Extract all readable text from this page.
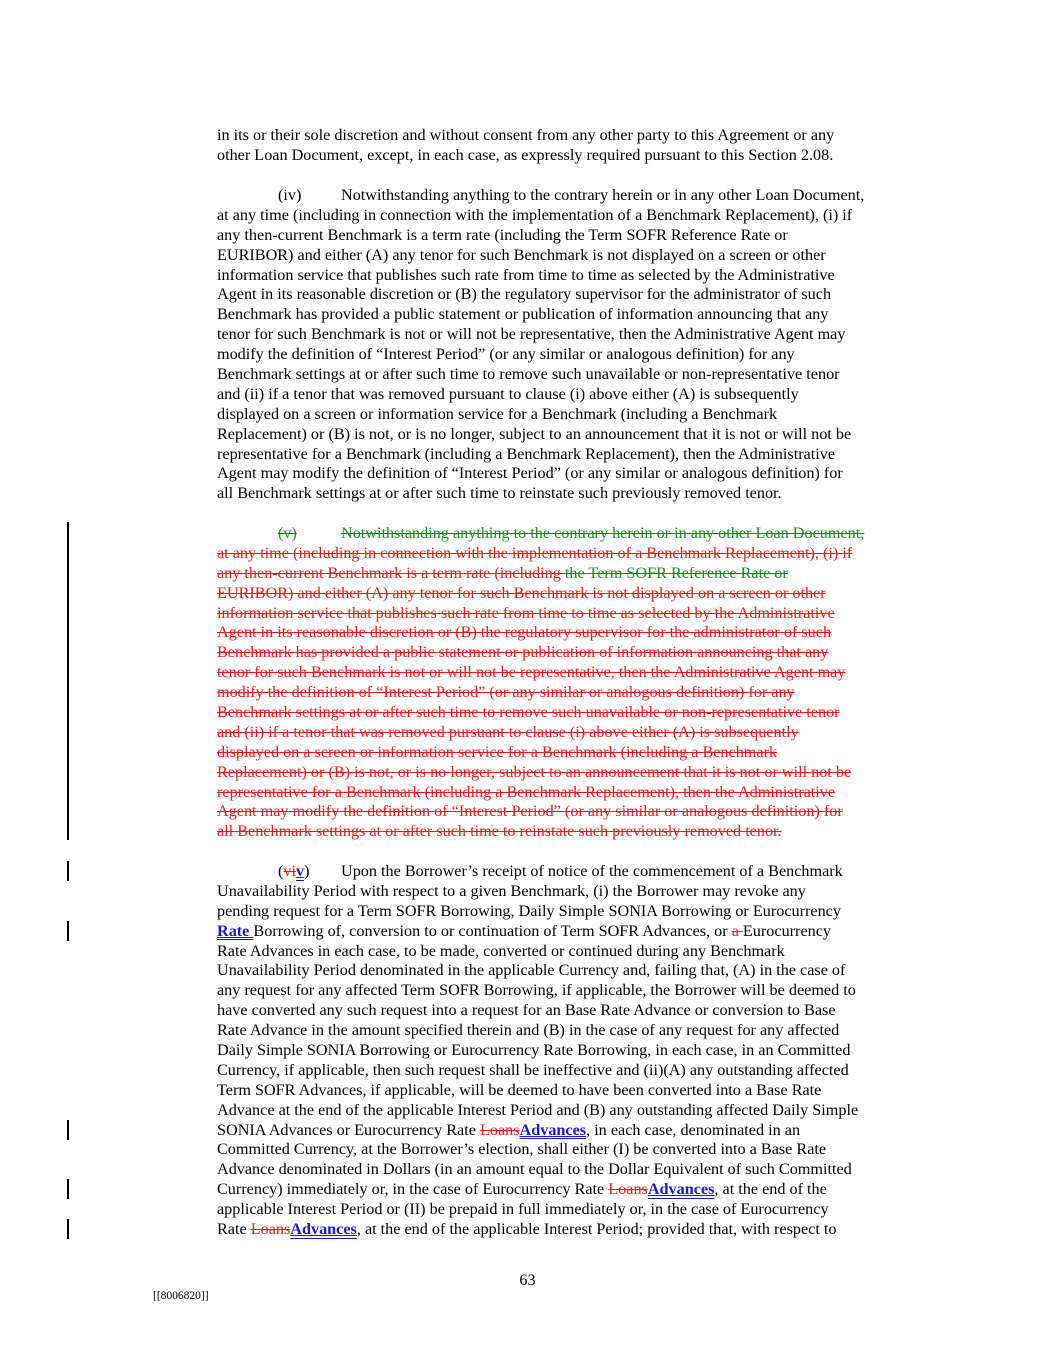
in its or their sole discretion and without consent from any other party to this Agreement or any
other Loan Document, except, in each case, as expressly required pursuant to this Section 2.08.
(iv) Notwithstanding anything to the contrary herein or in any other Loan Document,
at any time (including in connection with the implementation of a Benchmark Replacement), (i) if
any then-current Benchmark is a term rate (including the Term SOFR Reference Rate or
EURIBOR) and either (A) any tenor for such Benchmark is not displayed on a screen or other
information service that publishes such rate from time to time as selected by the Administrative
Agent in its reasonable discretion or (B) the regulatory supervisor for the administrator of such
Benchmark has provided a public statement or publication of information announcing that any
tenor for such Benchmark is not or will not be representative, then the Administrative Agent may
modify the definition of “Interest Period” (or any similar or analogous definition) for any
Benchmark settings at or after such time to remove such unavailable or non-representative tenor
and (ii) if a tenor that was removed pursuant to clause (i) above either (A) is subsequently
displayed on a screen or information service for a Benchmark (including a Benchmark
Replacement) or (B) is not, or is no longer, subject to an announcement that it is not or will not be
representative for a Benchmark (including a Benchmark Replacement), then the Administrative
Agent may modify the definition of “Interest Period” (or any similar or analogous definition) for
all Benchmark settings at or after such time to reinstate such previously removed tenor.
(v)	Notwithstanding anything to the contrary herein or in any other Loan Document,
at any time (including in connection with the implementation of a Benchmark Replacement), (i) if
any then-current Benchmark is a term rate (including the Term SOFR Reference Rate or
EURIBOR) and either (A) any tenor for such Benchmark is not displayed on a screen or other
information service that publishes such rate from time to time as selected by the Administrative
Agent in its reasonable discretion or (B) the regulatory supervisor for the administrator of such
Benchmark has provided a public statement or publication of information announcing that any
tenor for such Benchmark is not or will not be representative, then the Administrative Agent may
modify the definition of “Interest Period” (or any similar or analogous definition) for any
Benchmark settings at or after such time to remove such unavailable or non-representative tenor
and (ii) if a tenor that was removed pursuant to clause (i) above either (A) is subsequently
displayed on a screen or information service for a Benchmark (including a Benchmark
Replacement) or (B) is not, or is no longer, subject to an announcement that it is not or will not be
representative for a Benchmark (including a Benchmark Replacement), then the Administrative
Agent may modify the definition of “Interest Period” (or any similar or analogous definition) for
all Benchmark settings at or after such time to reinstate such previously removed tenor.
(viv) Upon the Borrower’s receipt of notice of the commencement of a Benchmark
Unavailability Period with respect to a given Benchmark, (i) the Borrower may revoke any
pending request for a Term SOFR Borrowing, Daily Simple SONIA Borrowing or Eurocurrency
Rate Borrowing of, conversion to or continuation of Term SOFR Advances, or a Eurocurrency
Rate Advances in each case, to be made, converted or continued during any Benchmark
Unavailability Period denominated in the applicable Currency and, failing that, (A) in the case of
any request for any affected Term SOFR Borrowing, if applicable, the Borrower will be deemed to
have converted any such request into a request for an Base Rate Advance or conversion to Base
Rate Advance in the amount specified therein and (B) in the case of any request for any affected
Daily Simple SONIA Borrowing or Eurocurrency Rate Borrowing, in each case, in an Committed
Currency, if applicable, then such request shall be ineffective and (ii)(A) any outstanding affected
Term SOFR Advances, if applicable, will be deemed to have been converted into a Base Rate
Advance at the end of the applicable Interest Period and (B) any outstanding affected Daily Simple
SONIA Advances or Eurocurrency Rate LoansAdvances, in each case, denominated in an
Committed Currency, at the Borrower’s election, shall either (I) be converted into a Base Rate
Advance denominated in Dollars (in an amount equal to the Dollar Equivalent of such Committed
Currency) immediately or, in the case of Eurocurrency Rate LoansAdvances, at the end of the
applicable Interest Period or (II) be prepaid in full immediately or, in the case of Eurocurrency
Rate LoansAdvances, at the end of the applicable Interest Period; provided that, with respect to
63
[[8006820]]
